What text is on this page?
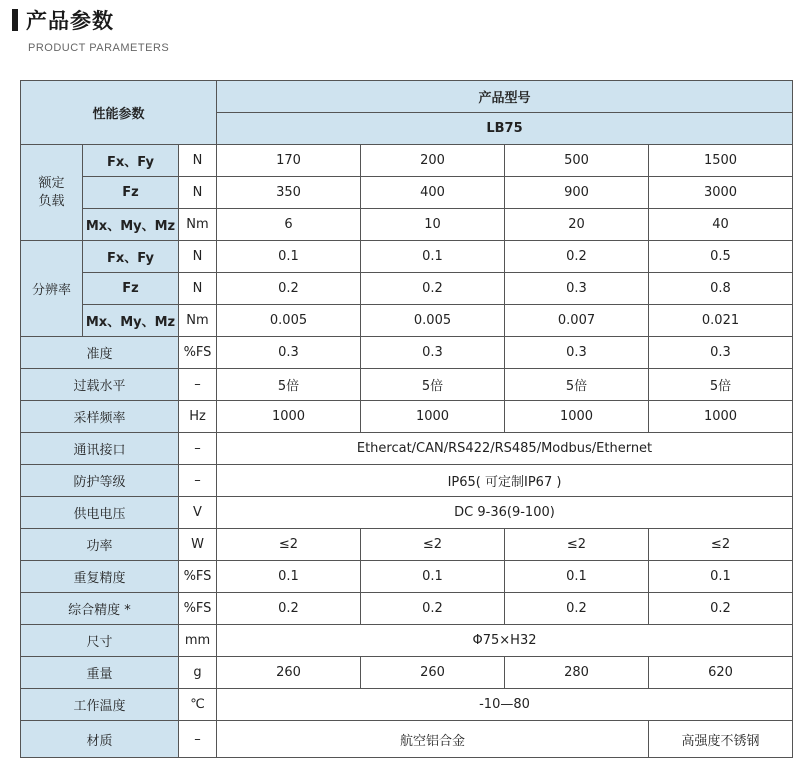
产品参数
PRODUCT PARAMETERS
性能参数			产品型号			
			LB75			

额定
负载	Fx、Fy	N	170	200	500	1500
	Fz	N	350	400	900	3000
	Mx、My、Mz	Nm	6	10	20	40
分辨率	Fx、Fy	N	0.1	0.1	0.2	0.5
	Fz	N	0.2	0.2	0.3	0.8
	Mx、My、Mz	Nm	0.005	0.005	0.007	0.021
准度		%FS	0.3	0.3	0.3	0.3
过载水平		–	5倍	5倍	5倍	5倍
采样频率		Hz	1000	1000	1000	1000
通讯接口		–	Ethercat/CAN/RS422/RS485/Modbus/Ethernet			
防护等级		–	IP65( 可定制IP67 )			
供电电压		V	DC 9-36(9-100)			
功率		W	≤2	≤2	≤2	≤2
重复精度		%FS	0.1	0.1	0.1	0.1
综合精度 *		%FS	0.2	0.2	0.2	0.2
尺寸		mm	Φ75×H32			
重量		g	260	260	280	620
工作温度		℃	-10—80			
材质		–	航空铝合金			高强度不锈钢
